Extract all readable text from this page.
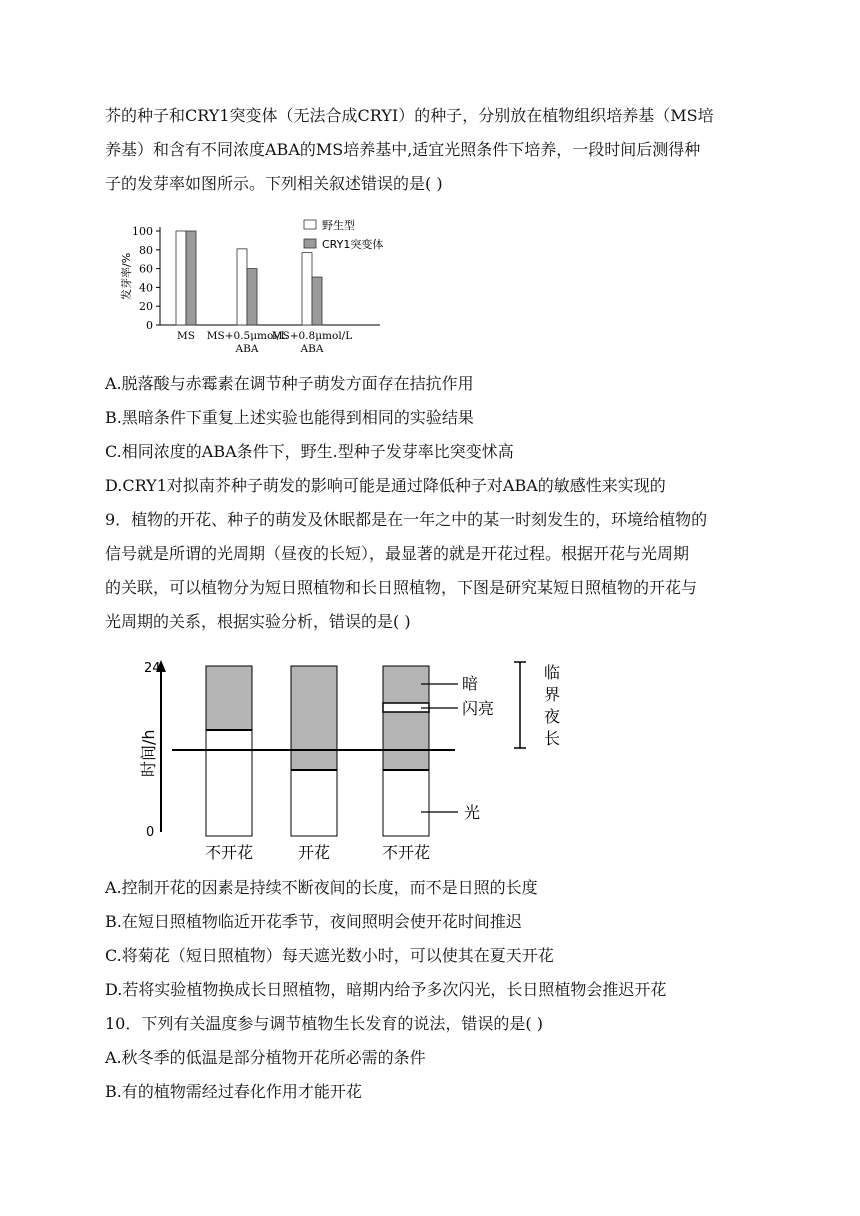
芥的种子和CRY1突变体（无法合成CRYI）的种子，分别放在植物组织培养基（MS培
养基）和含有不同浓度ABA的MS培养基中,适宜光照条件下培养，一段时间后测得种
子的发芽率如图所示。下列相关叙述错误的是( )
0
20
40
60
80
100
发芽率/%
MS MS+0.5μmol/L
ABA
MS+0.8μmol/L
ABA
野生型
CRY1突变体
A.脱落酸与赤霉素在调节种子萌发方面存在拮抗作用
B.黑暗条件下重复上述实验也能得到相同的实验结果
C.相同浓度的ABA条件下，野生.型种子发芽率比突变怵高
D.CRY1对拟南芥种子萌发的影响可能是通过降低种子对ABA的敏感性来实现的
9．植物的开花、种子的萌发及休眠都是在一年之中的某一时刻发生的，环境给植物的
信号就是所谓的光周期（昼夜的长短），最显著的就是开花过程。根据开花与光周期
的关联，可以植物分为短日照植物和长日照植物，下图是研究某短日照植物的开花与
光周期的关系，根据实验分析，错误的是( )
24
0
时间/h
暗
闪亮
光
临
界
夜
长
不开花	开花	不开花
A.控制开花的因素是持续不断夜间的长度，而不是日照的长度
B.在短日照植物临近开花季节，夜间照明会使开花时间推迟
C.将菊花（短日照植物）每天遮光数小时，可以使其在夏天开花
D.若将实验植物换成长日照植物，暗期内给予多次闪光，长日照植物会推迟开花
10．下列有关温度参与调节植物生长发育的说法，错误的是( )
A.秋冬季的低温是部分植物开花所必需的条件
B.有的植物需经过春化作用才能开花
